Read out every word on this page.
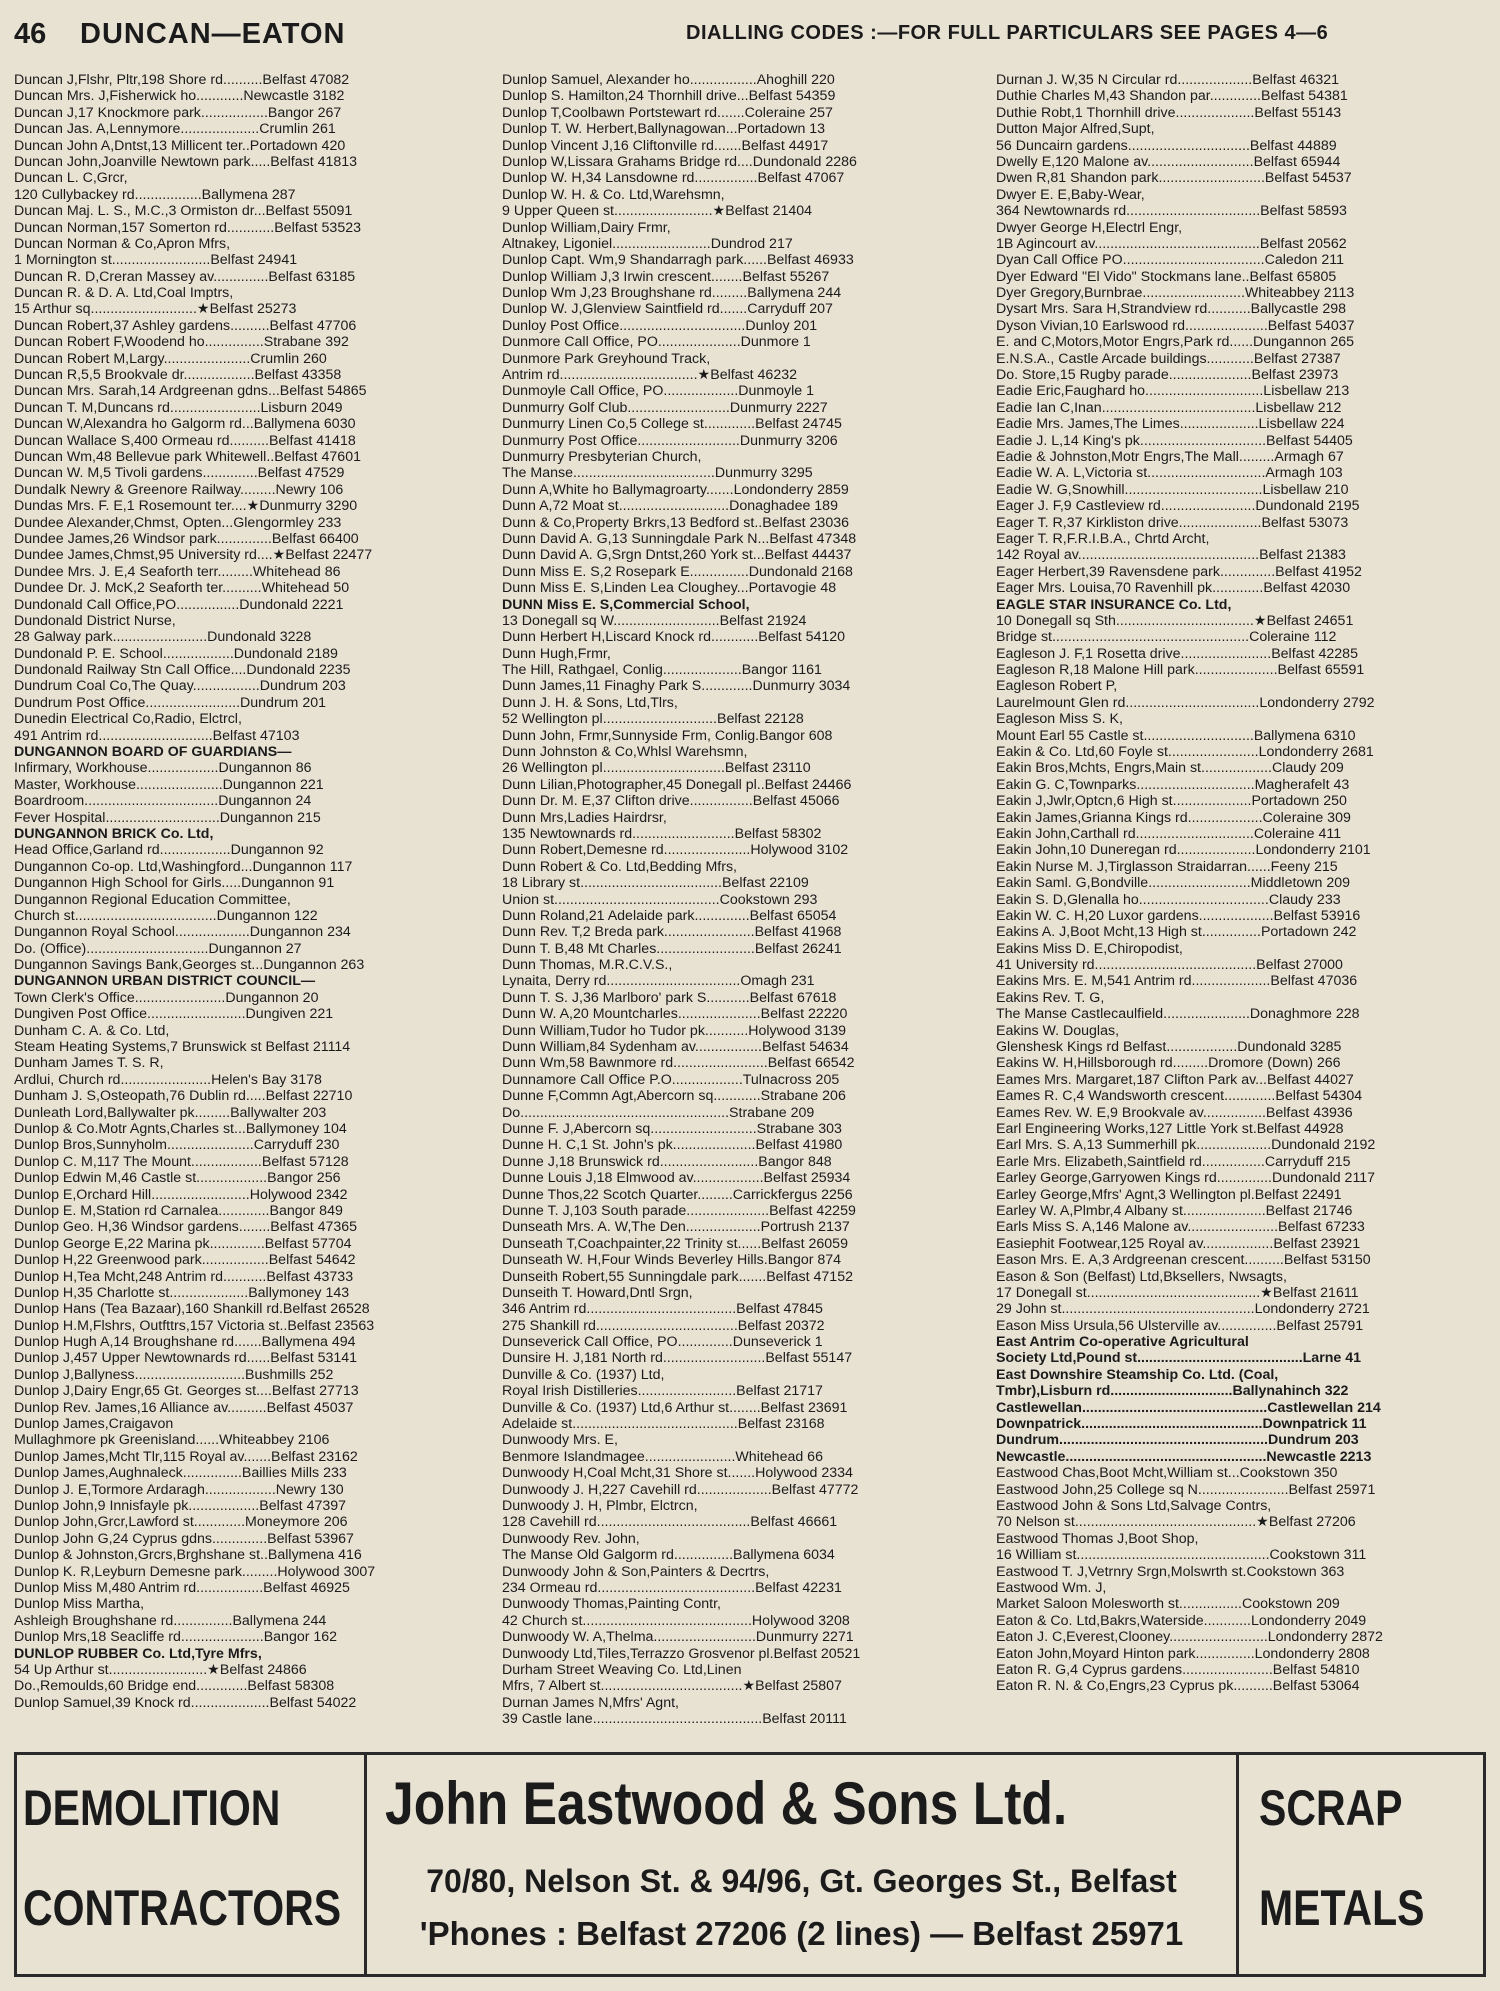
46 DUNCAN—EATON	DIALLING CODES :—FOR FULL PARTICULARS SEE PAGES 4—6
Duncan J,Flshr, Pltr,198 Shore rd..........Belfast 47082
Duncan Mrs. J,Fisherwick ho............Newcastle 3182
Duncan J,17 Knockmore park.................Bangor 267
Duncan Jas. A,Lennymore....................Crumlin 261
Duncan John A,Dntst,13 Millicent ter..Portadown 420
Duncan John,Joanville Newtown park.....Belfast 41813
Duncan L. C,Grcr,
120 Cullybackey rd.................Ballymena 287
Duncan Maj. L. S., M.C.,3 Ormiston dr...Belfast 55091
Duncan Norman,157 Somerton rd............Belfast 53523
Duncan Norman & Co,Apron Mfrs,
1 Mornington st.........................Belfast 24941
Duncan R. D,Creran Massey av..............Belfast 63185
Duncan R. & D. A. Ltd,Coal Imptrs,
15 Arthur sq...........................★Belfast 25273
Duncan Robert,37 Ashley gardens..........Belfast 47706
Duncan Robert F,Woodend ho...............Strabane 392
Duncan Robert M,Largy......................Crumlin 260
Duncan R,5,5 Brookvale dr..................Belfast 43358
Duncan Mrs. Sarah,14 Ardgreenan gdns...Belfast 54865
Duncan T. M,Duncans rd.......................Lisburn 2049
Duncan W,Alexandra ho Galgorm rd...Ballymena 6030
Duncan Wallace S,400 Ormeau rd..........Belfast 41418
Duncan Wm,48 Bellevue park Whitewell..Belfast 47601
Duncan W. M,5 Tivoli gardens..............Belfast 47529
Dundalk Newry & Greenore Railway.........Newry 106
Dundas Mrs. F. E,1 Rosemount ter....★Dunmurry 3290
Dundee Alexander,Chmst, Opten...Glengormley 233
Dundee James,26 Windsor park..............Belfast 66400
Dundee James,Chmst,95 University rd....★Belfast 22477
Dundee Mrs. J. E,4 Seaforth terr.........Whitehead 86
Dundee Dr. J. McK,2 Seaforth ter..........Whitehead 50
Dundonald Call Office,PO................Dundonald 2221
Dundonald District Nurse,
28 Galway park........................Dundonald 3228
Dundonald P. E. School..................Dundonald 2189
Dundonald Railway Stn Call Office....Dundonald 2235
Dundrum Coal Co,The Quay.................Dundrum 203
Dundrum Post Office........................Dundrum 201
Dunedin Electrical Co,Radio, Elctrcl,
491 Antrim rd.............................Belfast 47103
DUNGANNON BOARD OF GUARDIANS—
Infirmary, Workhouse..................Dungannon 86
Master, Workhouse......................Dungannon 221
Boardroom..................................Dungannon 24
Fever Hospital.............................Dungannon 215
DUNGANNON BRICK Co. Ltd,
Head Office,Garland rd..................Dungannon 92
Dungannon Co-op. Ltd,Washingford...Dungannon 117
Dungannon High School for Girls.....Dungannon 91
Dungannon Regional Education Committee,
Church st....................................Dungannon 122
Dungannon Royal School...................Dungannon 234
Do. (Office)...............................Dungannon 27
Dungannon Savings Bank,Georges st...Dungannon 263
DUNGANNON URBAN DISTRICT COUNCIL—
Town Clerk's Office.......................Dungannon 20
Dungiven Post Office.........................Dungiven 221
Dunham C. A. & Co. Ltd,
Steam Heating Systems,7 Brunswick st Belfast 21114
Dunham James T. S. R,
Ardlui, Church rd.......................Helen's Bay 3178
Dunham J. S,Osteopath,76 Dublin rd.....Belfast 22710
Dunleath Lord,Ballywalter pk.........Ballywalter 203
Dunlop & Co.Motr Agnts,Charles st...Ballymoney 104
Dunlop Bros,Sunnyholm......................Carryduff 230
Dunlop C. M,117 The Mount..................Belfast 57128
Dunlop Edwin M,46 Castle st..................Bangor 256
Dunlop E,Orchard Hill.........................Holywood 2342
Dunlop E. M,Station rd Carnalea.............Bangor 849
Dunlop Geo. H,36 Windsor gardens........Belfast 47365
Dunlop George E,22 Marina pk..............Belfast 57704
Dunlop H,22 Greenwood park.................Belfast 54642
Dunlop H,Tea Mcht,248 Antrim rd...........Belfast 43733
Dunlop H,35 Charlotte st....................Ballymoney 143
Dunlop Hans (Tea Bazaar),160 Shankill rd.Belfast 26528
Dunlop H.M,Flshrs, Outfttrs,157 Victoria st..Belfast 23563
Dunlop Hugh A,14 Broughshane rd.......Ballymena 494
Dunlop J,457 Upper Newtownards rd......Belfast 53141
Dunlop J,Ballyness............................Bushmills 252
Dunlop J,Dairy Engr,65 Gt. Georges st....Belfast 27713
Dunlop Rev. James,16 Alliance av..........Belfast 45037
Dunlop James,Craigavon
Mullaghmore pk Greenisland......Whiteabbey 2106
Dunlop James,Mcht Tlr,115 Royal av.......Belfast 23162
Dunlop James,Aughnaleck...............Baillies Mills 233
Dunlop J. E,Tormore Ardaragh..................Newry 130
Dunlop John,9 Innisfayle pk..................Belfast 47397
Dunlop John,Grcr,Lawford st.............Moneymore 206
Dunlop John G,24 Cyprus gdns..............Belfast 53967
Dunlop & Johnston,Grcrs,Brghshane st..Ballymena 416
Dunlop K. R,Leyburn Demesne park.........Holywood 3007
Dunlop Miss M,480 Antrim rd.................Belfast 46925
Dunlop Miss Martha,
Ashleigh Broughshane rd...............Ballymena 244
Dunlop Mrs,18 Seacliffe rd.....................Bangor 162
DUNLOP RUBBER Co. Ltd,Tyre Mfrs,
54 Up Arthur st.........................★Belfast 24866
Do.,Remoulds,60 Bridge end.............Belfast 58308
Dunlop Samuel,39 Knock rd....................Belfast 54022
Dunlop Samuel, Alexander ho.................Ahoghill 220
Dunlop S. Hamilton,24 Thornhill drive...Belfast 54359
Dunlop T,Coolbawn Portstewart rd.......Coleraine 257
Dunlop T. W. Herbert,Ballynagowan...Portadown 13
Dunlop Vincent J,16 Cliftonville rd.......Belfast 44917
Dunlop W,Lissara Grahams Bridge rd....Dundonald 2286
Dunlop W. H,34 Lansdowne rd................Belfast 47067
Dunlop W. H. & Co. Ltd,Warehsmn,
9 Upper Queen st.........................★Belfast 21404
Dunlop William,Dairy Frmr,
Altnakey, Ligoniel.........................Dundrod 217
Dunlop Capt. Wm,9 Shandarragh park......Belfast 46933
Dunlop William J,3 Irwin crescent........Belfast 55267
Dunlop Wm J,23 Broughshane rd.........Ballymena 244
Dunlop W. J,Glenview Saintfield rd.......Carryduff 207
Dunloy Post Office................................Dunloy 201
Dunmore Call Office, PO.....................Dunmore 1
Dunmore Park Greyhound Track,
Antrim rd...................................★Belfast 46232
Dunmoyle Call Office, PO...................Dunmoyle 1
Dunmurry Golf Club..........................Dunmurry 2227
Dunmurry Linen Co,5 College st.............Belfast 24745
Dunmurry Post Office..........................Dunmurry 3206
Dunmurry Presbyterian Church,
The Manse....................................Dunmurry 3295
Dunn A,White ho Ballymagroarty.......Londonderry 2859
Dunn A,72 Moat st............................Donaghadee 189
Dunn & Co,Property Brkrs,13 Bedford st..Belfast 23036
Dunn David A. G,13 Sunningdale Park N...Belfast 47348
Dunn David A. G,Srgn Dntst,260 York st...Belfast 44437
Dunn Miss E. S,2 Rosepark E...............Dundonald 2168
Dunn Miss E. S,Linden Lea Cloughey...Portavogie 48
DUNN Miss E. S,Commercial School,
13 Donegall sq W...........................Belfast 21924
Dunn Herbert H,Liscard Knock rd............Belfast 54120
Dunn Hugh,Frmr,
The Hill, Rathgael, Conlig....................Bangor 1161
Dunn James,11 Finaghy Park S.............Dunmurry 3034
Dunn J. H. & Sons, Ltd,Tlrs,
52 Wellington pl.............................Belfast 22128
Dunn John, Frmr,Sunnyside Frm, Conlig.Bangor 608
Dunn Johnston & Co,Whlsl Warehsmn,
26 Wellington pl...............................Belfast 23110
Dunn Lilian,Photographer,45 Donegall pl..Belfast 24466
Dunn Dr. M. E,37 Clifton drive................Belfast 45066
Dunn Mrs,Ladies Hairdrsr,
135 Newtownards rd..........................Belfast 58302
Dunn Robert,Demesne rd......................Holywood 3102
Dunn Robert & Co. Ltd,Bedding Mfrs,
18 Library st....................................Belfast 22109
Union st..........................................Cookstown 293
Dunn Roland,21 Adelaide park..............Belfast 65054
Dunn Rev. T,2 Breda park.......................Belfast 41968
Dunn T. B,48 Mt Charles.........................Belfast 26241
Dunn Thomas, M.R.C.V.S.,
Lynaita, Derry rd..................................Omagh 231
Dunn T. S. J,36 Marlboro' park S...........Belfast 67618
Dunn W. A,20 Mountcharles.....................Belfast 22220
Dunn William,Tudor ho Tudor pk...........Holywood 3139
Dunn William,84 Sydenham av.................Belfast 54634
Dunn Wm,58 Bawnmore rd........................Belfast 66542
Dunnamore Call Office P.O..................Tulnacross 205
Dunne F,Commn Agt,Abercorn sq............Strabane 206
Do.....................................................Strabane 209
Dunne F. J,Abercorn sq...........................Strabane 303
Dunne H. C,1 St. John's pk.....................Belfast 41980
Dunne J,18 Brunswick rd.........................Bangor 848
Dunne Louis J,18 Elmwood av..................Belfast 25934
Dunne Thos,22 Scotch Quarter.........Carrickfergus 2256
Dunne T. J,103 South parade.....................Belfast 42259
Dunseath Mrs. A. W,The Den...................Portrush 2137
Dunseath T,Coachpainter,22 Trinity st......Belfast 26059
Dunseath W. H,Four Winds Beverley Hills.Bangor 874
Dunseith Robert,55 Sunningdale park.......Belfast 47152
Dunseith T. Howard,Dntl Srgn,
346 Antrim rd......................................Belfast 47845
275 Shankill rd....................................Belfast 20372
Dunseverick Call Office, PO..............Dunseverick 1
Dunsire H. J,181 North rd..........................Belfast 55147
Dunville & Co. (1937) Ltd,
Royal Irish Distilleries.........................Belfast 21717
Dunville & Co. (1937) Ltd,6 Arthur st........Belfast 23691
Adelaide st..........................................Belfast 23168
Dunwoody Mrs. E,
Benmore Islandmagee.......................Whitehead 66
Dunwoody H,Coal Mcht,31 Shore st.......Holywood 2334
Dunwoody J. H,227 Cavehill rd...................Belfast 47772
Dunwoody J. H, Plmbr, Elctrcn,
128 Cavehill rd.......................................Belfast 46661
Dunwoody Rev. John,
The Manse Old Galgorm rd...............Ballymena 6034
Dunwoody John & Son,Painters & Decrtrs,
234 Ormeau rd........................................Belfast 42231
Dunwoody Thomas,Painting Contr,
42 Church st...........................................Holywood 3208
Dunwoody W. A,Thelma..........................Dunmurry 2271
Dunwoody Ltd,Tiles,Terrazzo Grosvenor pl.Belfast 20521
Durham Street Weaving Co. Ltd,Linen
Mfrs, 7 Albert st....................................★Belfast 25807
Durnan James N,Mfrs' Agnt,
39 Castle lane...........................................Belfast 20111
Durnan J. W,35 N Circular rd...................Belfast 46321
Duthie Charles M,43 Shandon par.............Belfast 54381
Duthie Robt,1 Thornhill drive....................Belfast 55143
Dutton Major Alfred,Supt,
56 Duncairn gardens...............................Belfast 44889
Dwelly E,120 Malone av...........................Belfast 65944
Dwen R,81 Shandon park...........................Belfast 54537
Dwyer E. E,Baby-Wear,
364 Newtownards rd..................................Belfast 58593
Dwyer George H,Electrl Engr,
1B Agincourt av..........................................Belfast 20562
Dyan Call Office PO....................................Caledon 211
Dyer Edward "El Vido" Stockmans lane..Belfast 65805
Dyer Gregory,Burnbrae..........................Whiteabbey 2113
Dysart Mrs. Sara H,Strandview rd...........Ballycastle 298
Dyson Vivian,10 Earlswood rd.....................Belfast 54037
E. and C,Motors,Motor Engrs,Park rd......Dungannon 265
E.N.S.A., Castle Arcade buildings............Belfast 27387
Do. Store,15 Rugby parade.....................Belfast 23973
Eadie Eric,Faughard ho..............................Lisbellaw 213
Eadie Ian C,Inan.......................................Lisbellaw 212
Eadie Mrs. James,The Limes....................Lisbellaw 224
Eadie J. L,14 King's pk................................Belfast 54405
Eadie & Johnston,Motr Engrs,The Mall.........Armagh 67
Eadie W. A. L,Victoria st..............................Armagh 103
Eadie W. G,Snowhill...................................Lisbellaw 210
Eager J. F,9 Castleview rd........................Dundonald 2195
Eager T. R,37 Kirkliston drive.....................Belfast 53073
Eager T. R,F.R.I.B.A., Chrtd Archt,
142 Royal av..............................................Belfast 21383
Eager Herbert,39 Ravensdene park..............Belfast 41952
Eager Mrs. Louisa,70 Ravenhill pk.............Belfast 42030
EAGLE STAR INSURANCE Co. Ltd,
10 Donegall sq Sth...................................★Belfast 24651
Bridge st..................................................Coleraine 112
Eagleson J. F,1 Rosetta drive.......................Belfast 42285
Eagleson R,18 Malone Hill park.....................Belfast 65591
Eagleson Robert P,
Laurelmount Glen rd..................................Londonderry 2792
Eagleson Miss S. K,
Mount Earl 55 Castle st............................Ballymena 6310
Eakin & Co. Ltd,60 Foyle st.......................Londonderry 2681
Eakin Bros,Mchts, Engrs,Main st..................Claudy 209
Eakin G. C,Townparks..............................Magherafelt 43
Eakin J,Jwlr,Optcn,6 High st....................Portadown 250
Eakin James,Grianna Kings rd...................Coleraine 309
Eakin John,Carthall rd..............................Coleraine 411
Eakin John,10 Duneregan rd....................Londonderry 2101
Eakin Nurse M. J,Tirglasson Straidarran......Feeny 215
Eakin Saml. G,Bondville..........................Middletown 209
Eakin S. D,Glenalla ho.................................Claudy 233
Eakin W. C. H,20 Luxor gardens...................Belfast 53916
Eakins A. J,Boot Mcht,13 High st...............Portadown 242
Eakins Miss D. E,Chiropodist,
41 University rd.........................................Belfast 27000
Eakins Mrs. E. M,541 Antrim rd....................Belfast 47036
Eakins Rev. T. G,
The Manse Castlecaulfield......................Donaghmore 228
Eakins W. Douglas,
Glenshesk Kings rd Belfast..................Dundonald 3285
Eakins W. H,Hillsborough rd.........Dromore (Down) 266
Eames Mrs. Margaret,187 Clifton Park av...Belfast 44027
Eames R. C,4 Wandsworth crescent.............Belfast 54304
Eames Rev. W. E,9 Brookvale av................Belfast 43936
Earl Engineering Works,127 Little York st.Belfast 44928
Earl Mrs. S. A,13 Summerhill pk...................Dundonald 2192
Earle Mrs. Elizabeth,Saintfield rd................Carryduff 215
Earley George,Garryowen Kings rd..............Dundonald 2117
Earley George,Mfrs' Agnt,3 Wellington pl.Belfast 22491
Earley W. A,Plmbr,4 Albany st.....................Belfast 21746
Earls Miss S. A,146 Malone av.......................Belfast 67233
Easiephit Footwear,125 Royal av..................Belfast 23921
Eason Mrs. E. A,3 Ardgreenan crescent..........Belfast 53150
Eason & Son (Belfast) Ltd,Bksellers, Nwsagts,
17 Donegall st............................................★Belfast 21611
29 John st.................................................Londonderry 2721
Eason Miss Ursula,56 Ulsterville av...............Belfast 25791
East Antrim Co-operative Agricultural
Society Ltd,Pound st..........................................Larne 41
East Downshire Steamship Co. Ltd. (Coal,
Tmbr),Lisburn rd...............................Ballynahinch 322
Castlewellan...............................................Castlewellan 214
Downpatrick..............................................Downpatrick 11
Dundrum.....................................................Dundrum 203
Newcastle...................................................Newcastle 2213
Eastwood Chas,Boot Mcht,William st...Cookstown 350
Eastwood John,25 College sq N.......................Belfast 25971
Eastwood John & Sons Ltd,Salvage Contrs,
70 Nelson st..............................................★Belfast 27206
Eastwood Thomas J,Boot Shop,
16 William st.................................................Cookstown 311
Eastwood T. J,Vetrnry Srgn,Molswrth st.Cookstown 363
Eastwood Wm. J,
Market Saloon Molesworth st................Cookstown 209
Eaton & Co. Ltd,Bakrs,Waterside............Londonderry 2049
Eaton J. C,Everest,Clooney.........................Londonderry 2872
Eaton John,Moyard Hinton park...............Londonderry 2808
Eaton R. G,4 Cyprus gardens.......................Belfast 54810
Eaton R. N. & Co,Engrs,23 Cyprus pk..........Belfast 53064
DEMOLITION
CONTRACTORS
John Eastwood & Sons Ltd.
70/80, Nelson St. & 94/96, Gt. Georges St., Belfast
'Phones : Belfast 27206 (2 lines) — Belfast 25971
SCRAP
METALS
